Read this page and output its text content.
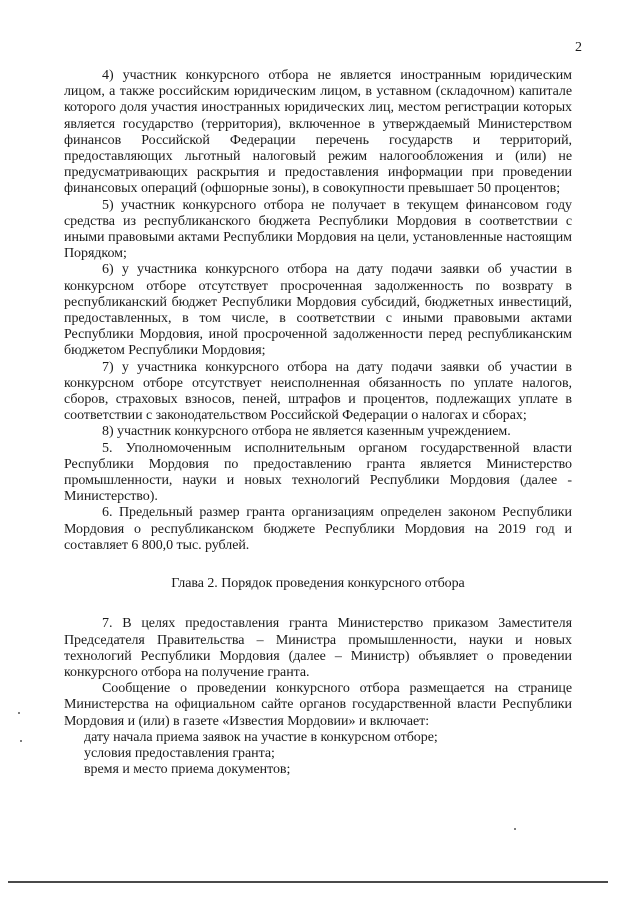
2

4) участник конкурсного отбора не является иностранным юридическим лицом, а также российским юридическим лицом, в уставном (складочном) капитале которого доля участия иностранных юридических лиц, местом регистрации которых является государство (территория), включенное в утверждаемый Министерством финансов Российской Федерации перечень государств и территорий, предоставляющих льготный налоговый режим налогообложения и (или) не предусматривающих раскрытия и предоставления информации при проведении финансовых операций (офшорные зоны), в совокупности превышает 50 процентов;

5) участник конкурсного отбора не получает в текущем финансовом году средства из республиканского бюджета Республики Мордовия в соответствии с иными правовыми актами Республики Мордовия на цели, установленные настоящим Порядком;

6) у участника конкурсного отбора на дату подачи заявки об участии в конкурсном отборе отсутствует просроченная задолженность по возврату в республиканский бюджет Республики Мордовия субсидий, бюджетных инвестиций, предоставленных, в том числе, в соответствии с иными правовыми актами Республики Мордовия, иной просроченной задолженности перед республиканским бюджетом Республики Мордовия;

7) у участника конкурсного отбора на дату подачи заявки об участии в конкурсном отборе отсутствует неисполненная обязанность по уплате налогов, сборов, страховых взносов, пеней, штрафов и процентов, подлежащих уплате в соответствии с законодательством Российской Федерации о налогах и сборах;

8) участник конкурсного отбора не является казенным учреждением.

5. Уполномоченным исполнительным органом государственной власти Республики Мордовия по предоставлению гранта является Министерство промышленности, науки и новых технологий Республики Мордовия (далее - Министерство).

6. Предельный размер гранта организациям определен законом Республики Мордовия о республиканском бюджете Республики Мордовия на 2019 год и составляет 6 800,0 тыс. рублей.

Глава 2. Порядок проведения конкурсного отбора

7. В целях предоставления гранта Министерство приказом Заместителя Председателя Правительства – Министра промышленности, науки и новых технологий Республики Мордовия (далее – Министр) объявляет о проведении конкурсного отбора на получение гранта.

Сообщение о проведении конкурсного отбора размещается на странице Министерства на официальном сайте органов государственной власти Республики Мордовия и (или) в газете «Известия Мордовии» и включает:

дату начала приема заявок на участие в конкурсном отборе;

условия предоставления гранта;

время и место приема документов;
